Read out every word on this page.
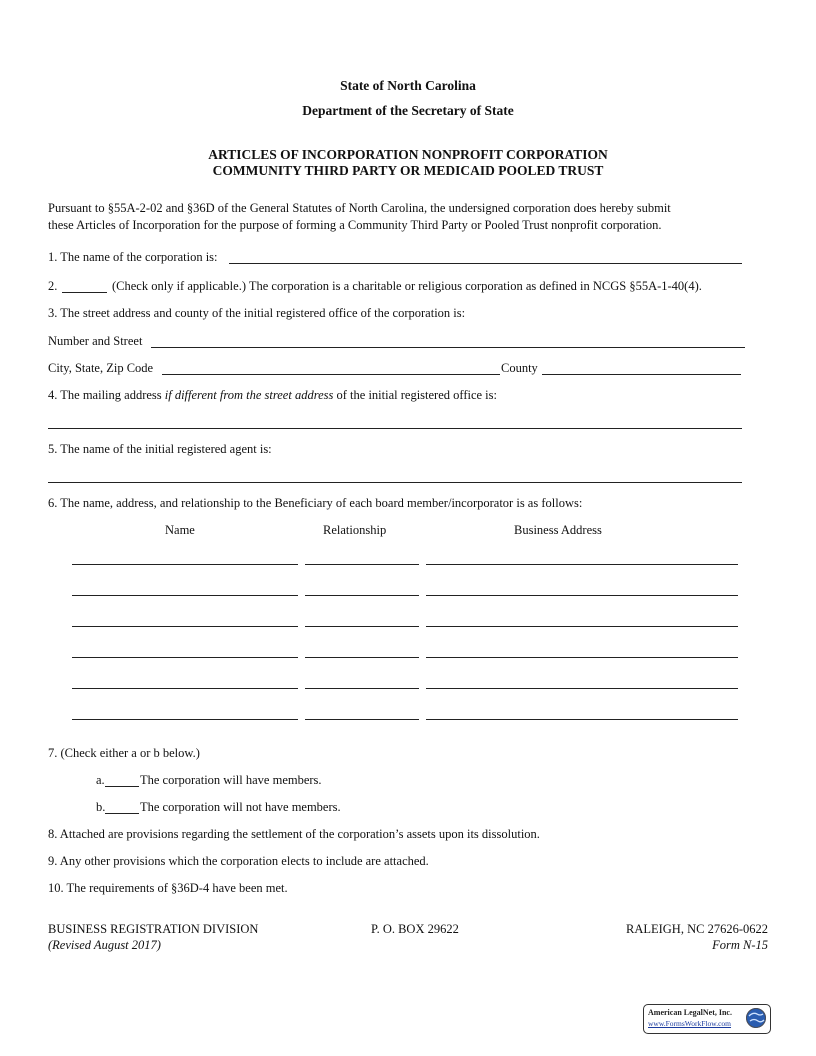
State of North Carolina
Department of the Secretary of State
ARTICLES OF INCORPORATION NONPROFIT CORPORATION
COMMUNITY THIRD PARTY OR MEDICAID POOLED TRUST
Pursuant to §55A-2-02 and §36D of the General Statutes of North Carolina, the undersigned corporation does hereby submit
these Articles of Incorporation for the purpose of forming a Community Third Party or Pooled Trust nonprofit corporation.
1. The name of the corporation is:
2.	(Check only if applicable.) The corporation is a charitable or religious corporation as defined in NCGS §55A-1-40(4).
3. The street address and county of the initial registered office of the corporation is:
Number and Street
City, State, Zip Code	County
4. The mailing address if different from the street address of the initial registered office is:
5. The name of the initial registered agent is:
6. The name, address, and relationship to the Beneficiary of each board member/incorporator is as follows:
Name	Relationship	Business Address
7. (Check either a or b below.)
a.	The corporation will have members.
b.	The corporation will not have members.
8. Attached are provisions regarding the settlement of the corporation’s assets upon its dissolution.
9. Any other provisions which the corporation elects to include are attached.
10. The requirements of §36D-4 have been met.
BUSINESS REGISTRATION DIVISION	P. O. BOX 29622	RALEIGH, NC 27626-0622
(Revised August 2017)	Form N-15
American LegalNet, Inc.
www.FormsWorkFlow.com
